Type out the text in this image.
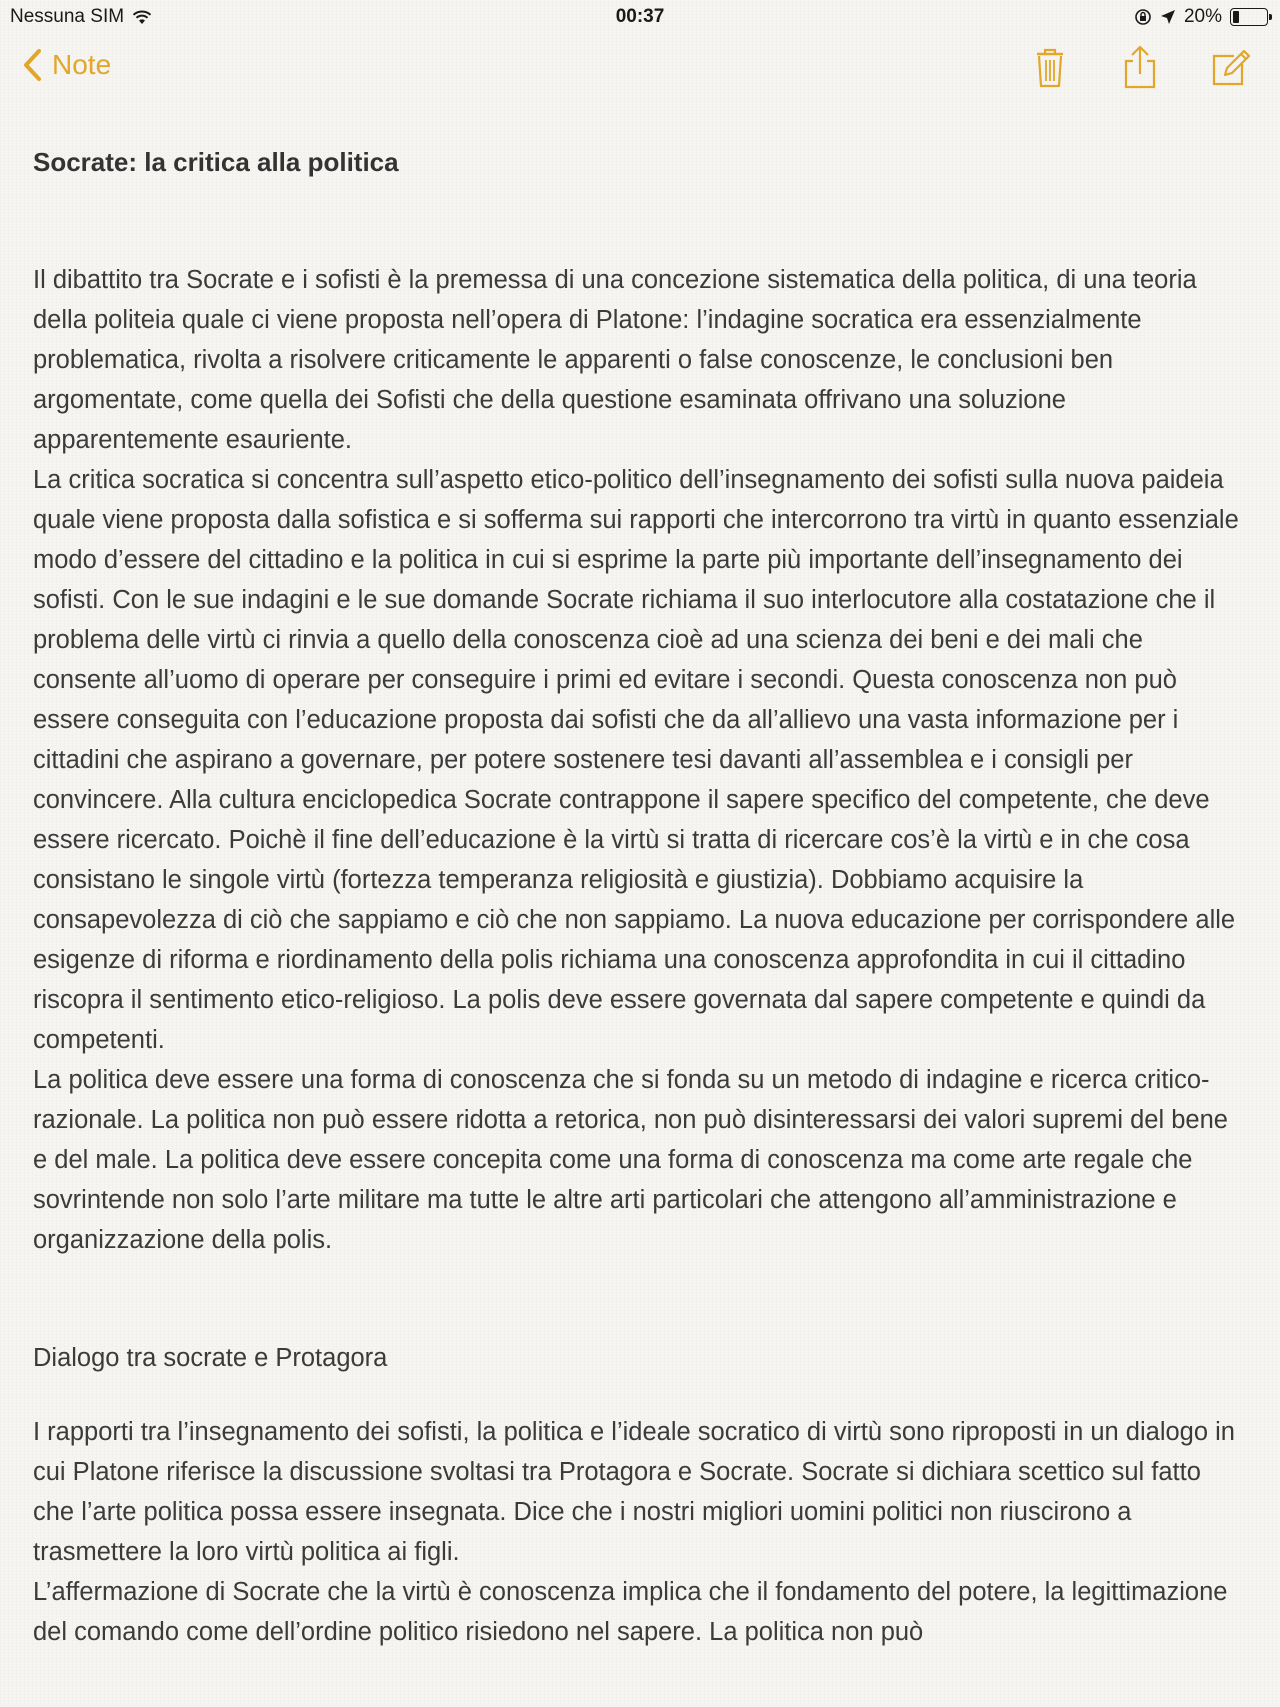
Nessuna SIM	00:37	20%
Note
Socrate: la critica alla politica
Il dibattito tra Socrate e i sofisti è la premessa di una concezione sistematica della politica, di una teoria della politeia quale ci viene proposta nell’opera di Platone: l’indagine socratica era essenzialmente problematica, rivolta a risolvere criticamente le apparenti o false conoscenze, le conclusioni ben argomentate, come quella dei Sofisti che della questione esaminata offrivano una soluzione apparentemente esauriente.
La critica socratica si concentra sull’aspetto etico-politico dell’insegnamento dei sofisti sulla nuova paideia quale viene proposta dalla sofistica e si sofferma sui rapporti che intercorrono tra virtù in quanto essenziale modo d’essere del cittadino e la politica in cui si esprime la parte più importante dell’insegnamento dei sofisti. Con le sue indagini e le sue domande Socrate richiama il suo interlocutore alla costatazione che il problema delle virtù ci rinvia a quello della conoscenza cioè ad una scienza dei beni e dei mali che consente all’uomo di operare per conseguire i primi ed evitare i secondi. Questa conoscenza non può essere conseguita con l’educazione proposta dai sofisti che da all’allievo una vasta informazione per i cittadini che aspirano a governare, per potere sostenere tesi davanti all’assemblea e i consigli per convincere. Alla cultura enciclopedica Socrate contrappone il sapere specifico del competente, che deve essere ricercato. Poichè il fine dell’educazione è la virtù si tratta di ricercare cos’è la virtù e in che cosa consistano le singole virtù (fortezza temperanza religiosità e giustizia). Dobbiamo acquisire la consapevolezza di ciò che sappiamo e ciò che non sappiamo. La nuova educazione per corrispondere alle esigenze di riforma e riordinamento della polis richiama una conoscenza approfondita in cui il cittadino riscopra il sentimento etico-religioso. La polis deve essere governata dal sapere competente e quindi da competenti.
La politica deve essere una forma di conoscenza che si fonda su un metodo di indagine e ricerca critico-razionale. La politica non può essere ridotta a retorica, non può disinteressarsi dei valori supremi del bene e del male. La politica deve essere concepita come una forma di conoscenza ma come arte regale che sovrintende non solo l’arte militare ma tutte le altre arti particolari che attengono all’amministrazione e organizzazione della polis.
Dialogo tra socrate e Protagora
I rapporti tra l’insegnamento dei sofisti, la politica e l’ideale socratico di virtù sono riproposti in un dialogo in cui Platone riferisce la discussione svoltasi tra Protagora e Socrate. Socrate si dichiara scettico sul fatto che l’arte politica possa essere insegnata. Dice che i nostri migliori uomini politici non riuscirono a trasmettere la loro virtù politica ai figli.
L’affermazione di Socrate che la virtù è conoscenza implica che il fondamento del potere, la legittimazione del comando come dell’ordine politico risiedono nel sapere. La politica non può
